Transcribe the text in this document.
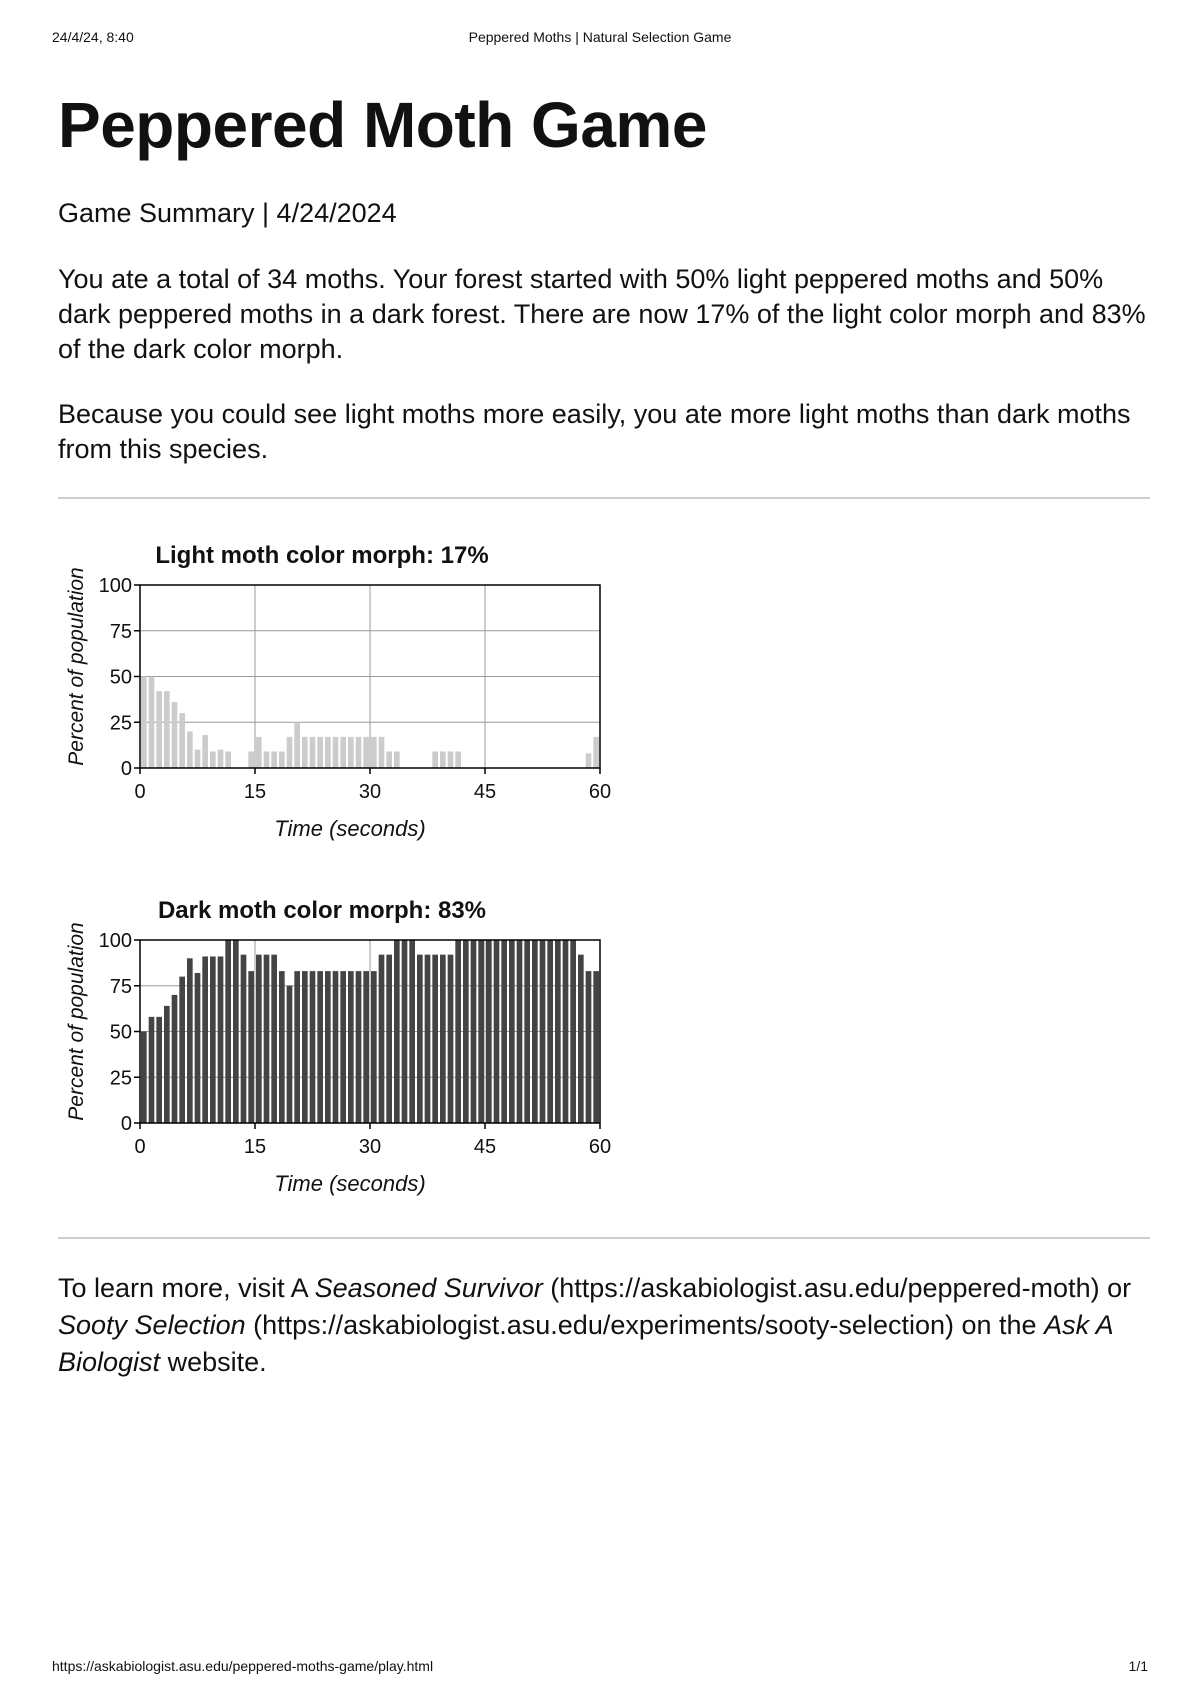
24/4/24, 8:40	Peppered Moths | Natural Selection Game
Peppered Moth Game

Game Summary | 4/24/2024

You ate a total of 34 moths. Your forest started with 50% light peppered moths and 50% dark peppered moths in a dark forest. There are now 17% of the light color morph and 83% of the dark color morph.

Because you could see light moths more easily, you ate more light moths than dark moths from this species.

Light moth color morph: 17%
0
25
50
75
100
0	15	30	45	60
Time (seconds)
Percent of population
Dark moth color morph: 83%
0
25
50
75
100
0	15	30	45	60
Time (seconds)
Percent of population

To learn more, visit A Seasoned Survivor (https://askabiologist.asu.edu/peppered-moth) or Sooty Selection (https://askabiologist.asu.edu/experiments/sooty-selection) on the Ask A Biologist website.

https://askabiologist.asu.edu/peppered-moths-game/play.html	1/1
